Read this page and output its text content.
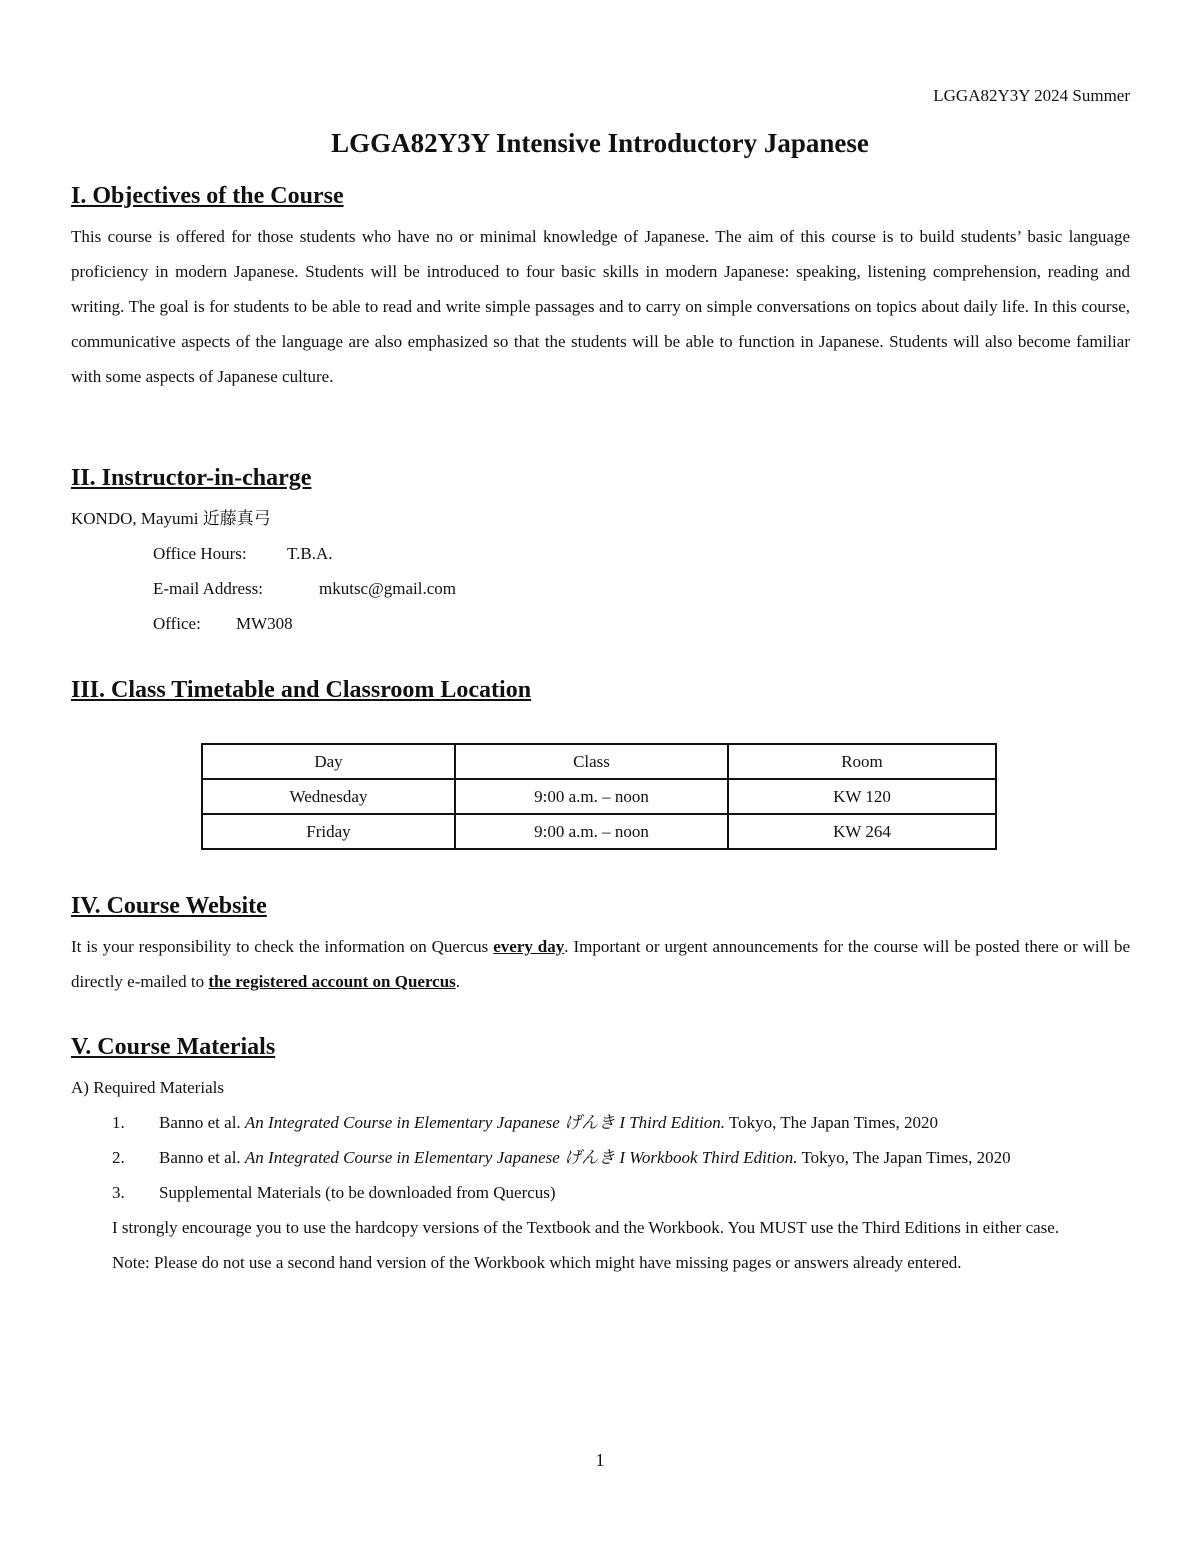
LGGA82Y3Y 2024 Summer
LGGA82Y3Y Intensive Introductory Japanese
I. Objectives of the Course

This course is offered for those students who have no or minimal knowledge of Japanese. The aim of this course is to build students’ basic language proficiency in modern Japanese. Students will be introduced to four basic skills in modern Japanese: speaking, listening comprehension, reading and writing. The goal is for students to be able to read and write simple passages and to carry on simple conversations on topics about daily life. In this course, communicative aspects of the language are also emphasized so that the students will be able to function in Japanese. Students will also become familiar with some aspects of Japanese culture.

II. Instructor-in-charge
KONDO, Mayumi 近藤真弓
Office Hours: T.B.A.
E-mail Address:	mkutsc@gmail.com
Office: MW308
III. Class Timetable and Classroom Location
Day	Class	Room
Wednesday	9:00 a.m. – noon	KW 120
Friday	9:00 a.m. – noon	KW 264
IV. Course Website

It is your responsibility to check the information on Quercus every day. Important or urgent announcements for the course will be posted there or will be directly e-mailed to the registered account on Quercus.

V. Course Materials
A) Required Materials
1. Banno et al. An Integrated Course in Elementary Japanese げんき I Third Edition. Tokyo, The Japan Times, 2020
2. Banno et al. An Integrated Course in Elementary Japanese げんき I Workbook Third Edition. Tokyo, The Japan Times, 2020
3. Supplemental Materials (to be downloaded from Quercus)

I strongly encourage you to use the hardcopy versions of the Textbook and the Workbook. You MUST use the Third Editions in either case.

Note: Please do not use a second hand version of the Workbook which might have missing pages or answers already entered.

1
